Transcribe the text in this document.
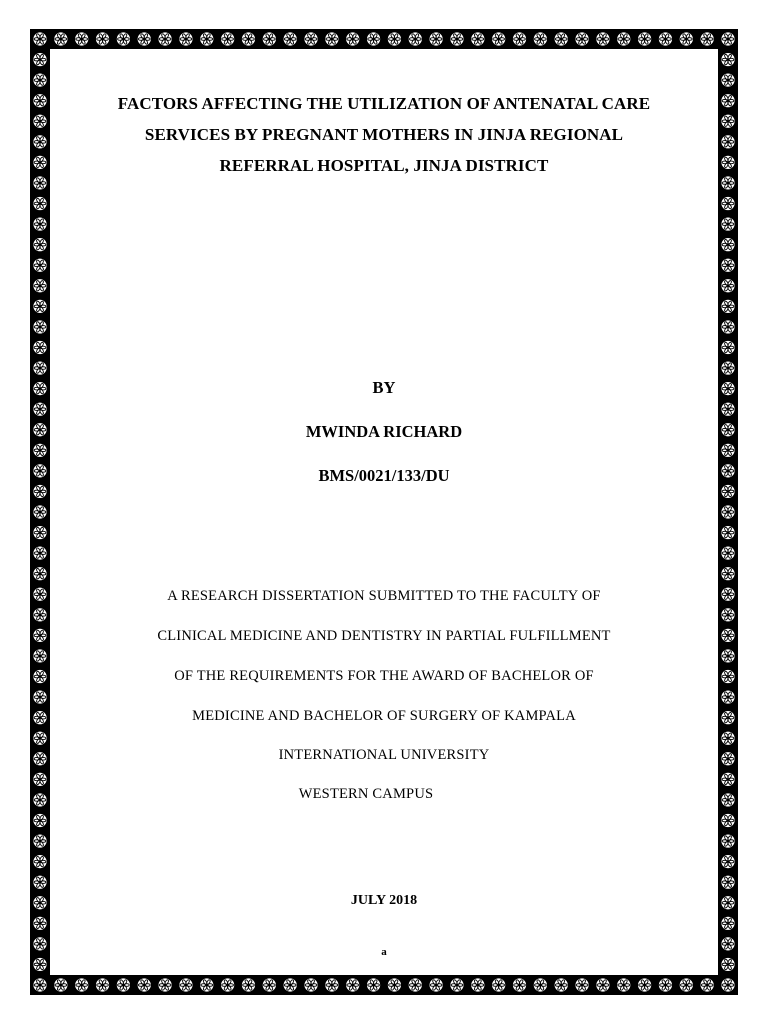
FACTORS AFFECTING THE UTILIZATION OF ANTENATAL CARE
SERVICES BY PREGNANT MOTHERS IN JINJA REGIONAL
REFERRAL HOSPITAL, JINJA DISTRICT
BY
MWINDA RICHARD
BMS/0021/133/DU
A RESEARCH DISSERTATION SUBMITTED TO THE FACULTY OF
CLINICAL MEDICINE AND DENTISTRY IN PARTIAL FULFILLMENT
OF THE REQUIREMENTS FOR THE AWARD OF BACHELOR OF
MEDICINE AND BACHELOR OF SURGERY OF KAMPALA
INTERNATIONAL UNIVERSITY
WESTERN CAMPUS
JULY 2018
a
